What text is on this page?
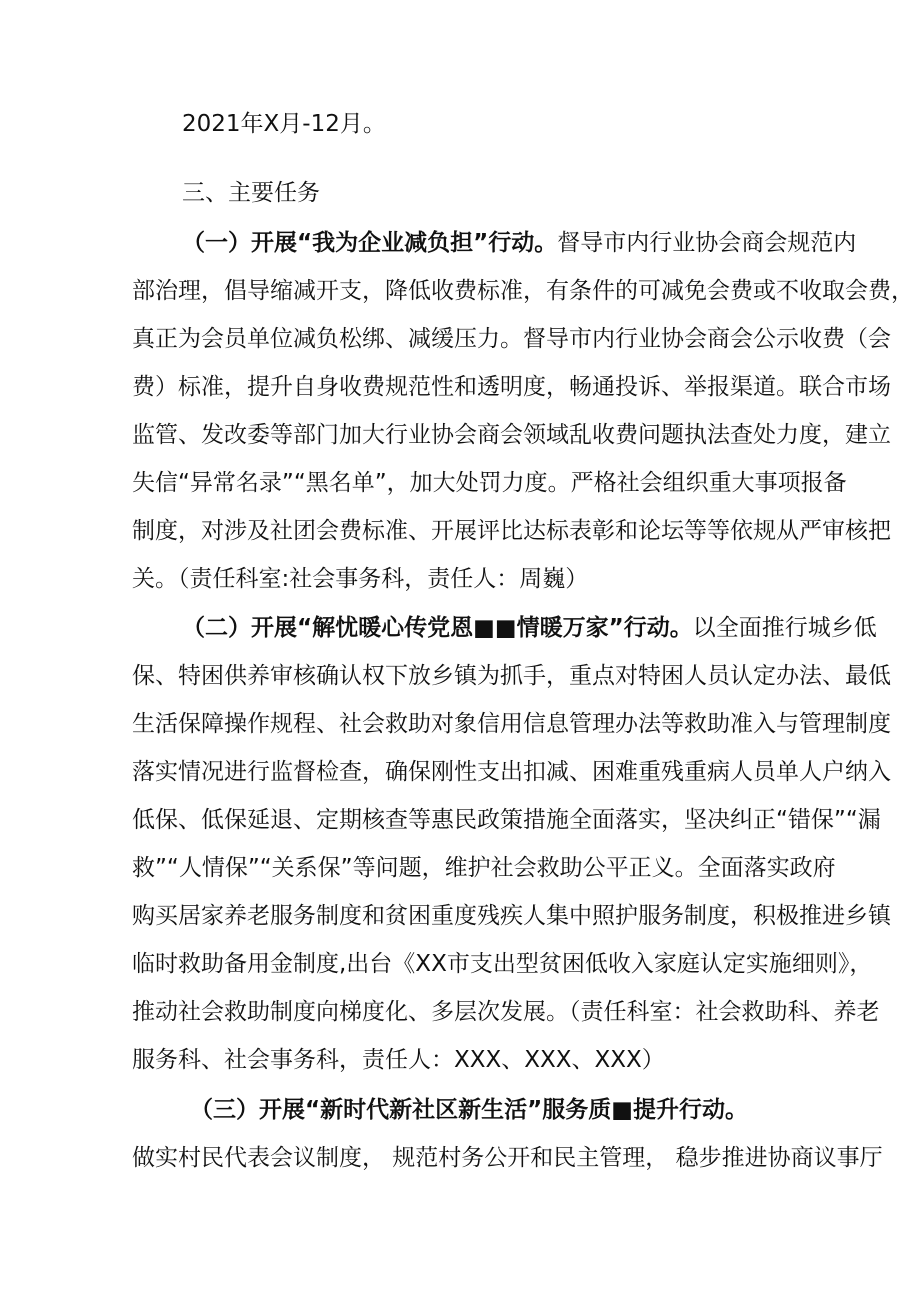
2021年X月-12月。
三、主要任务
（一）开展“我为企业减负担”行动。督导市内行业协会商会规范内
部治理，倡导缩减开支，降低收费标准，有条件的可减免会费或不收取会费，
真正为会员单位减负松绑、减缓压力。督导市内行业协会商会公示收费（会
费）标准，提升自身收费规范性和透明度，畅通投诉、举报渠道。联合市场
监管、发改委等部门加大行业协会商会领域乱收费问题执法查处力度，建立
失信“异常名录”“黑名单”，加大处罚力度。严格社会组织重大事项报备
制度，对涉及社团会费标准、开展评比达标表彰和论坛等等依规从严审核把
关。（责任科室:社会事务科，责任人：周巍）
（二）开展“解忧暖心传党恩■■情暖万家”行动。以全面推行城乡低
保、特困供养审核确认权下放乡镇为抓手，重点对特困人员认定办法、最低
生活保障操作规程、社会救助对象信用信息管理办法等救助准入与管理制度
落实情况进行监督检查，确保刚性支出扣减、困难重残重病人员单人户纳入
低保、低保延退、定期核查等惠民政策措施全面落实，坚决纠正“错保”“漏
救”“人情保”“关系保”等问题，维护社会救助公平正义。全面落实政府
购买居家养老服务制度和贫困重度残疾人集中照护服务制度，积极推进乡镇
临时救助备用金制度,出台《XX市支出型贫困低收入家庭认定实施细则》，
推动社会救助制度向梯度化、多层次发展。（责任科室：社会救助科、养老
服务科、社会事务科，责任人：XXX、XXX、XXX）
（三）开展“新时代新社区新生活”服务质■提升行动。
做实村民代表会议制度， 规范村务公开和民主管理， 稳步推进协商议事厅
